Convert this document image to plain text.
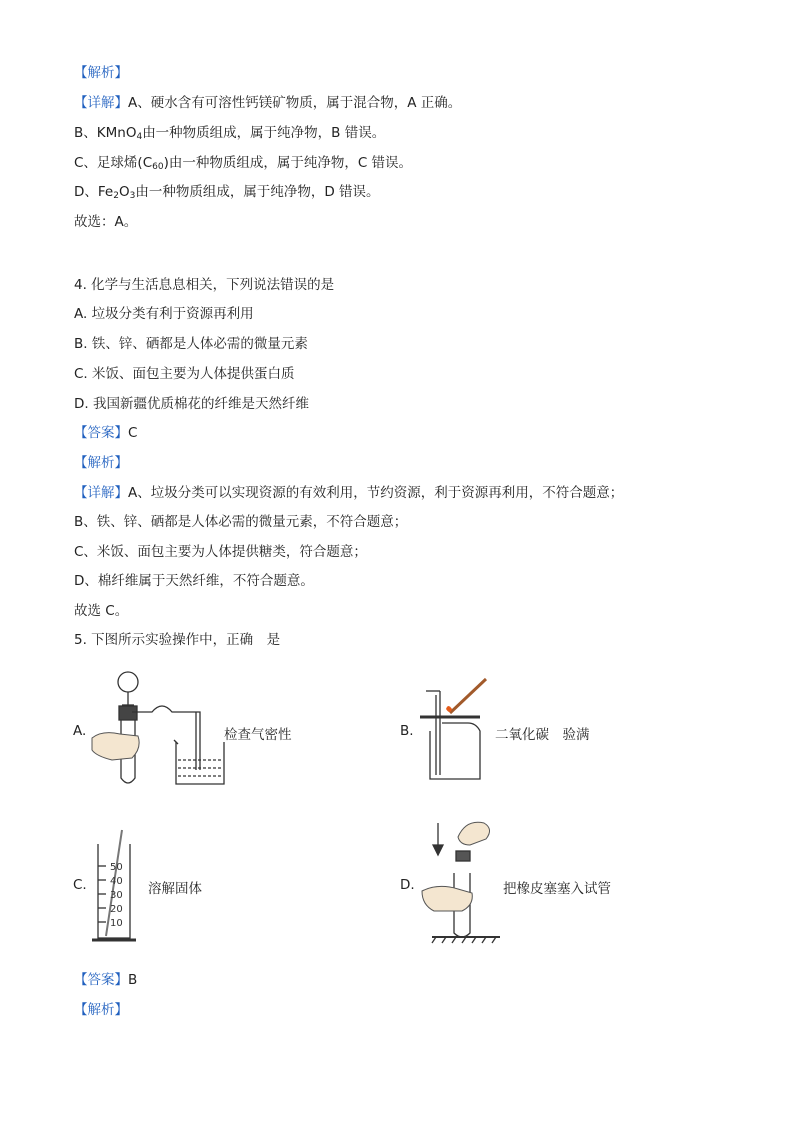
【解析】
【详解】A、硬水含有可溶性钙镁矿物质，属于混合物，A 正确。
B、KMnO$_4$由一种物质组成，属于纯净物，B 错误。
C、足球烯$(C_{60})$由一种物质组成，属于纯净物，C 错误。
D、$Fe_2O_3$由一种物质组成，属于纯净物，D 错误。
故选：A。
4. 化学与生活息息相关，下列说法错误的是
A. 垃圾分类有利于资源再利用
B. 铁、锌、硒都是人体必需的微量元素
C. 米饭、面包主要为人体提供蛋白质
D. 我国新疆优质棉花的纤维是天然纤维
【答案】C
【解析】
【详解】A、垃圾分类可以实现资源的有效利用，节约资源，利于资源再利用，不符合题意；
B、铁、锌、硒都是人体必需的微量元素，不符合题意；
C、米饭、面包主要为人体提供糖类，符合题意；
D、棉纤维属于天然纤维，不符合题意。
故选 C。
5. 下图所示实验操作中，正确　是
A.	检查气密性	B.	二氧化碳　验满
C.
50
40
30
20
10
溶解固体	D.	把橡皮塞塞入试管
【答案】B
【解析】
